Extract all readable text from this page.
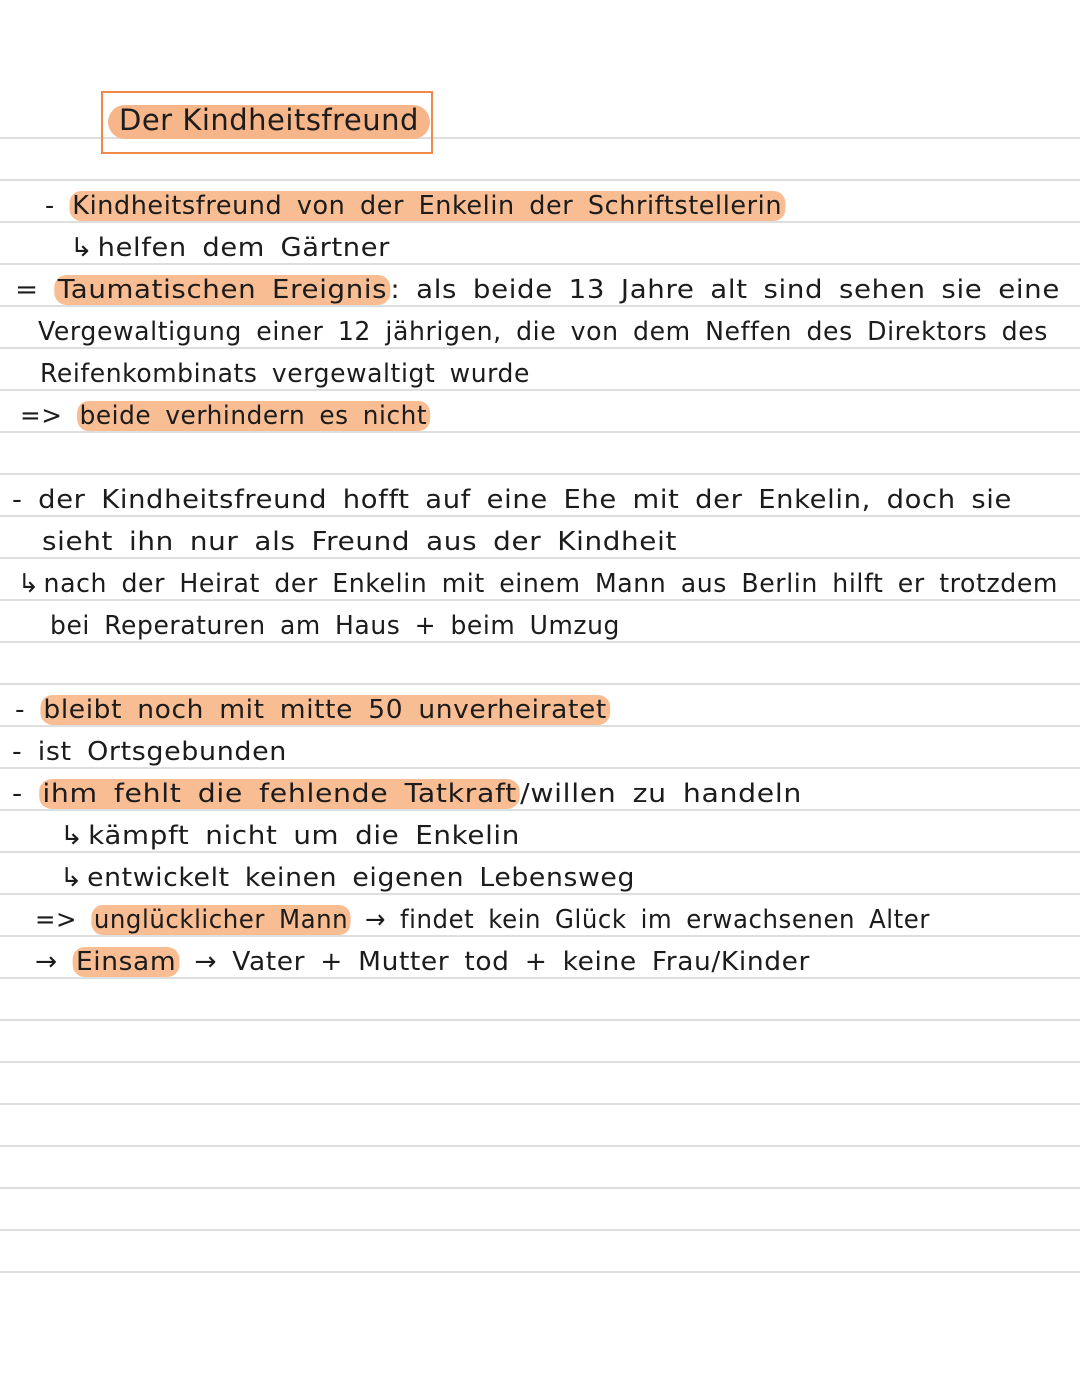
Der Kindheitsfreund
- Kindheitsfreund von der Enkelin der Schriftstellerin
↳ helfen dem Gärtner
= Taumatischen Ereignis : als beide 13 Jahre alt sind sehen sie eine
Vergewaltigung einer 12 jährigen, die von dem Neffen des Direktors des
Reifenkombinats vergewaltigt wurde
=> beide verhindern es nicht
- der Kindheitsfreund hofft auf eine Ehe mit der Enkelin, doch sie
sieht ihn nur als Freund aus der Kindheit
↳ nach der Heirat der Enkelin mit einem Mann aus Berlin hilft er trotzdem
bei Reperaturen am Haus + beim Umzug
- bleibt noch mit mitte 50 unverheiratet
- ist Ortsgebunden
- ihm fehlt die fehlende Tatkraft /willen zu handeln
↳ kämpft nicht um die Enkelin
↳ entwickelt keinen eigenen Lebensweg
=> unglücklicher Mann → findet kein Glück im erwachsenen Alter
→ Einsam → Vater + Mutter tod + keine Frau/Kinder
